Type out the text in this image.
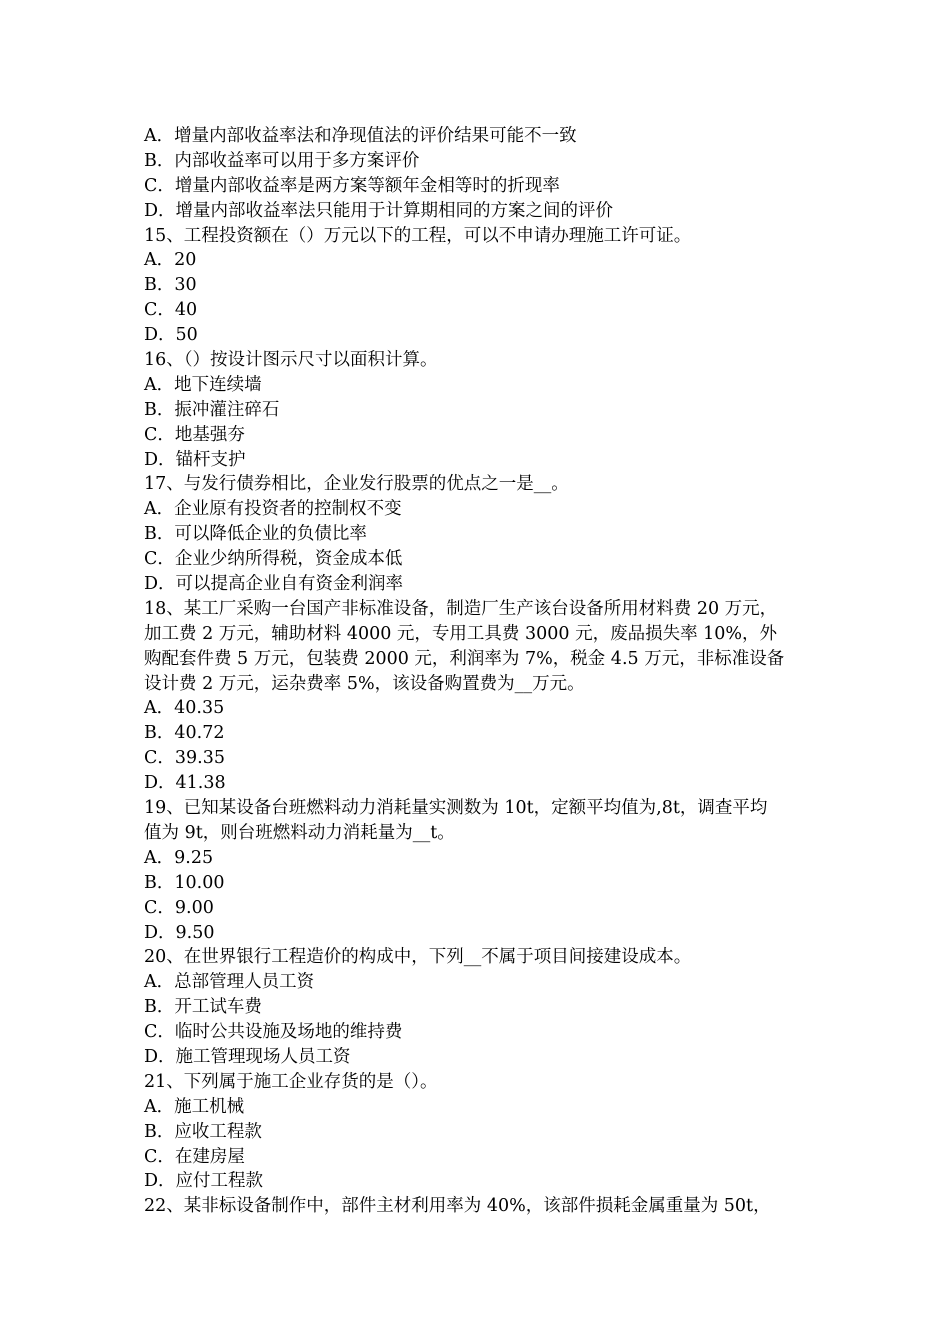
A．增量内部收益率法和净现值法的评价结果可能不一致
B．内部收益率可以用于多方案评价
C．增量内部收益率是两方案等额年金相等时的折现率
D．增量内部收益率法只能用于计算期相同的方案之间的评价
15、工程投资额在（）万元以下的工程，可以不申请办理施工许可证。
A．20
B．30
C．40
D．50
16、（）按设计图示尺寸以面积计算。
A．地下连续墙
B．振冲灌注碎石
C．地基强夯
D．锚杆支护
17、与发行债券相比，企业发行股票的优点之一是__。
A．企业原有投资者的控制权不变
B．可以降低企业的负债比率
C．企业少纳所得税，资金成本低
D．可以提高企业自有资金利润率
18、某工厂采购一台国产非标准设备，制造厂生产该台设备所用材料费 20 万元，
加工费 2 万元，辅助材料 4000 元，专用工具费 3000 元，废品损失率 10%，外
购配套件费 5 万元，包装费 2000 元，利润率为 7%，税金 4.5 万元，非标准设备
设计费 2 万元，运杂费率 5%，该设备购置费为__万元。
A．40.35
B．40.72
C．39.35
D．41.38
19、已知某设备台班燃料动力消耗量实测数为 10t，定额平均值为,8t，调查平均
值为 9t，则台班燃料动力消耗量为__t。
A．9.25
B．10.00
C．9.00
D．9.50
20、在世界银行工程造价的构成中，下列__不属于项目间接建设成本。
A．总部管理人员工资
B．开工试车费
C．临时公共设施及场地的维持费
D．施工管理现场人员工资
21、下列属于施工企业存货的是（）。
A．施工机械
B．应收工程款
C．在建房屋
D．应付工程款
22、某非标设备制作中，部件主材利用率为 40%，该部件损耗金属重量为 50t，
